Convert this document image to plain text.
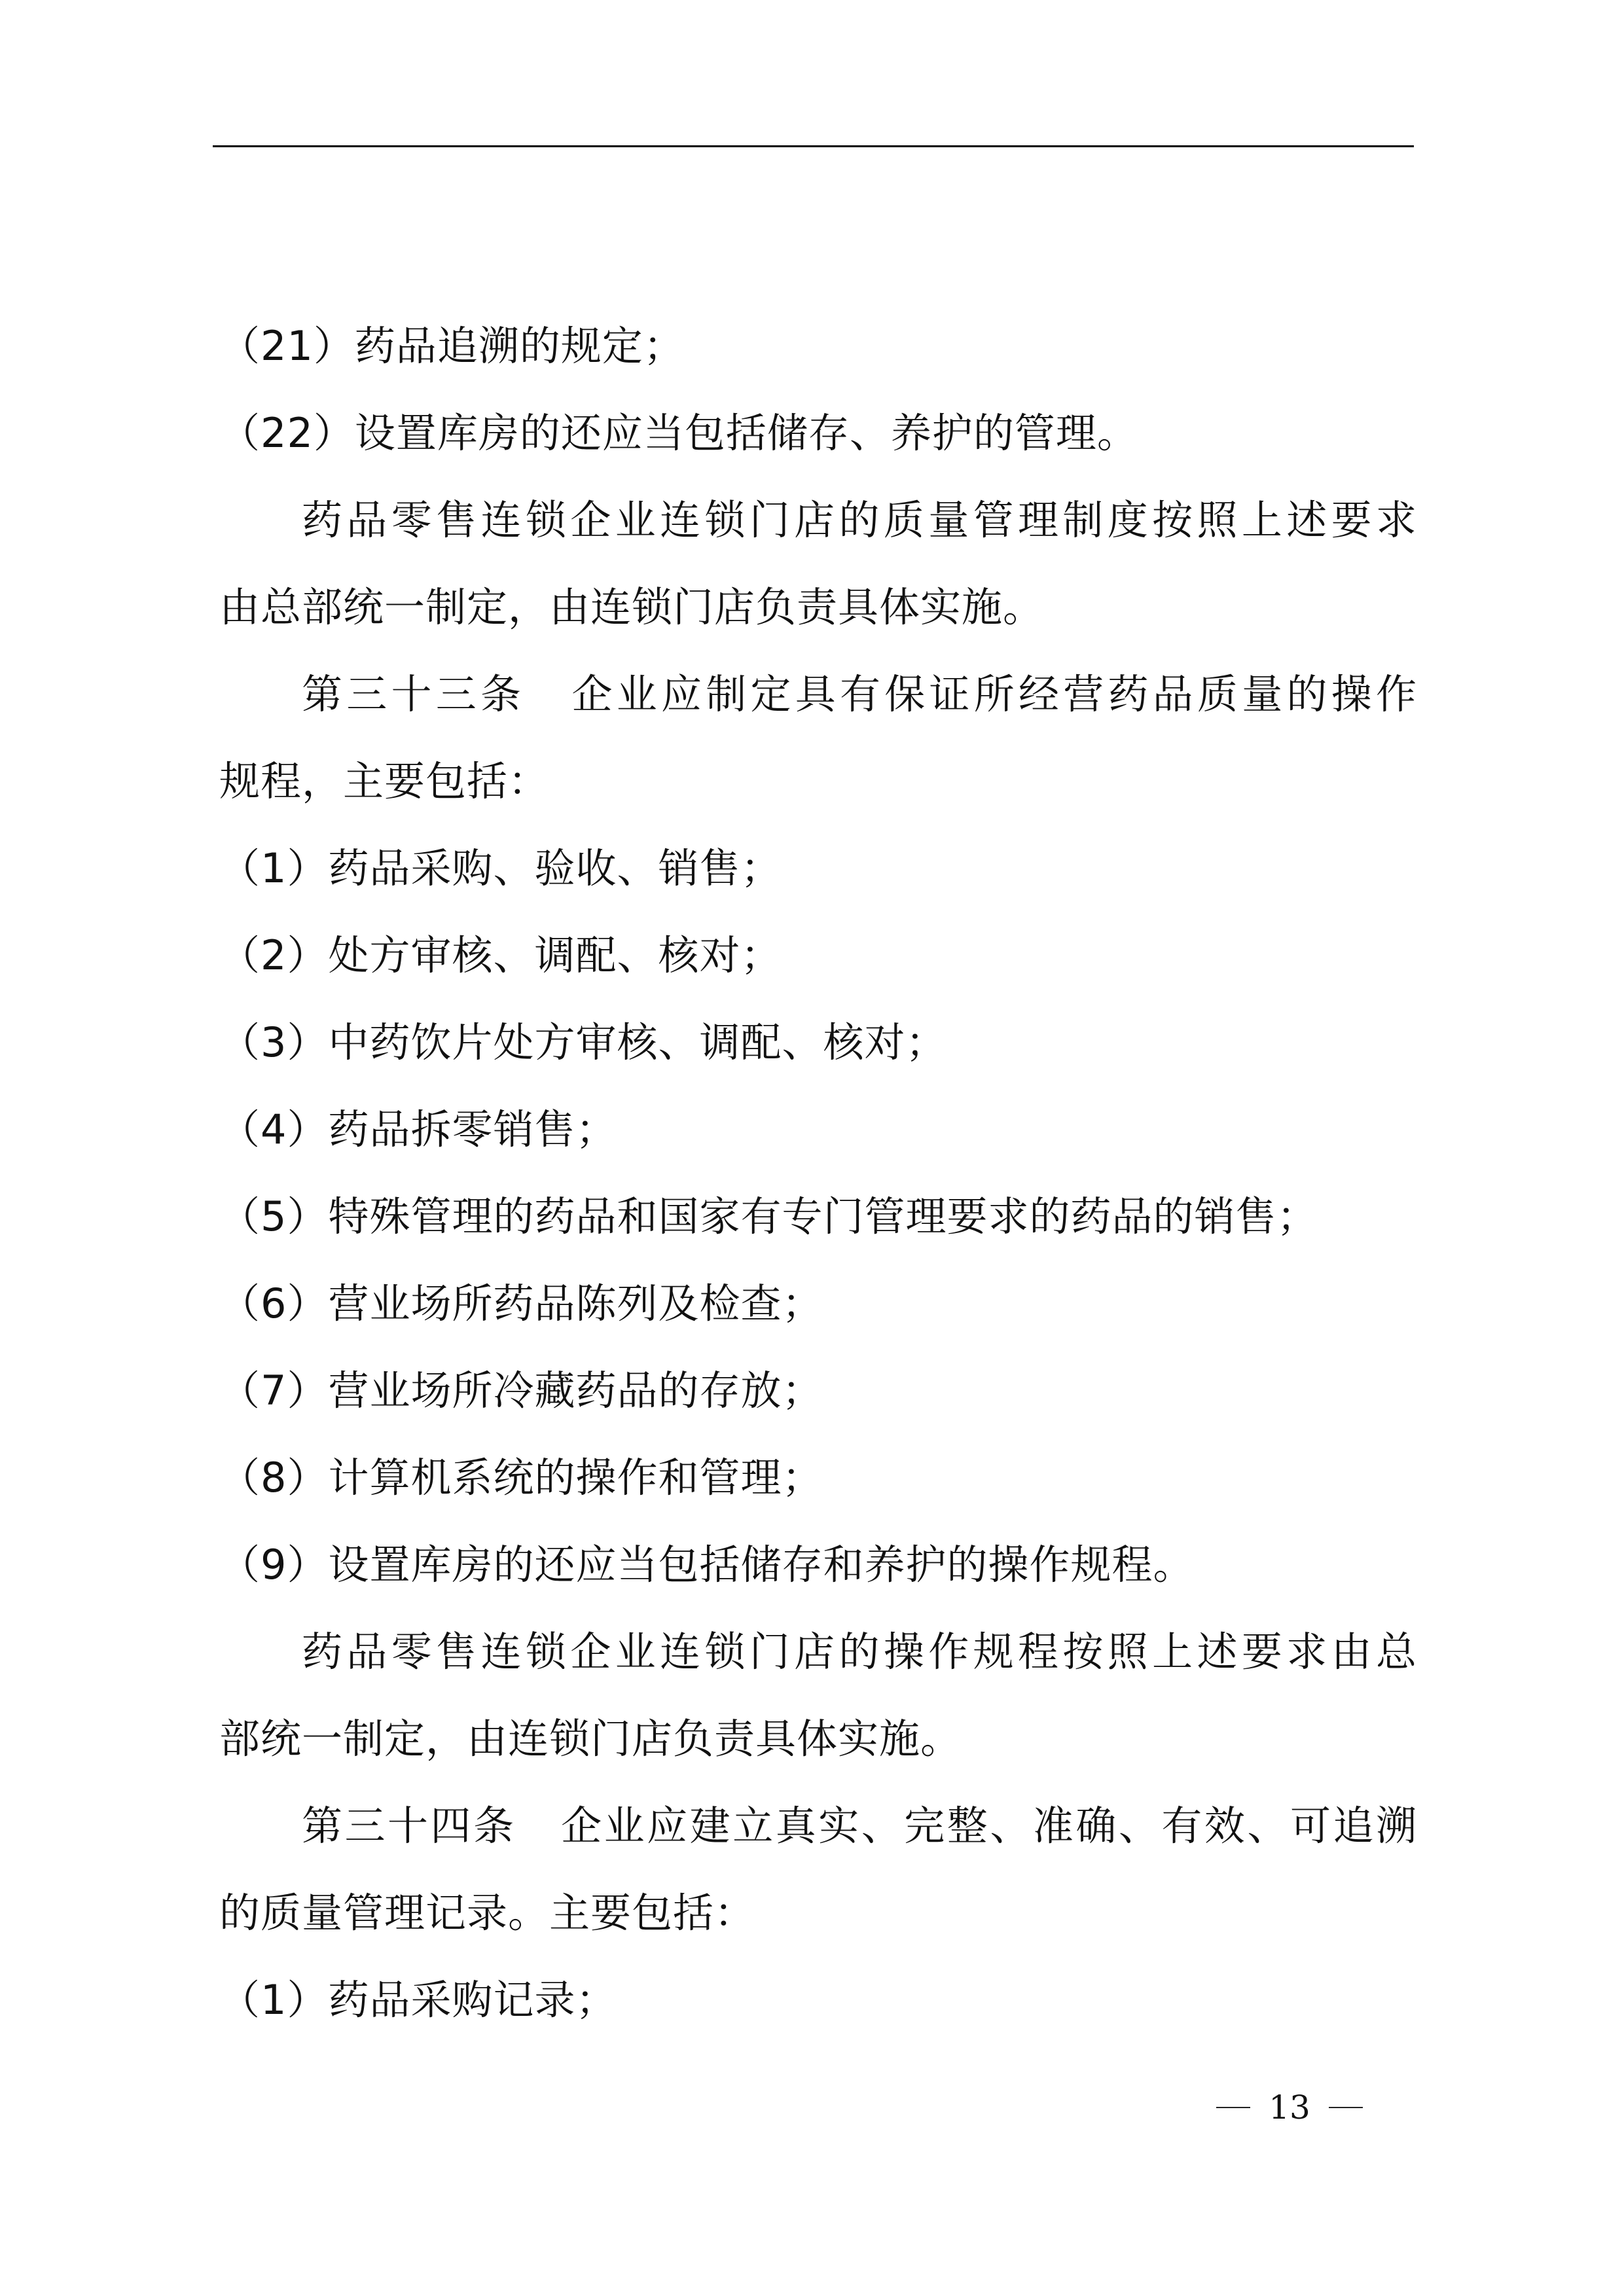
（21）药品追溯的规定；
（22）设置库房的还应当包括储存、养护的管理。
药品零售连锁企业连锁门店的质量管理制度按照上述要求
由总部统一制定，由连锁门店负责具体实施。
第三十三条 企业应制定具有保证所经营药品质量的操作
规程，主要包括：
（1）药品采购、验收、销售；
（2）处方审核、调配、核对；
（3）中药饮片处方审核、调配、核对；
（4）药品拆零销售；
（5）特殊管理的药品和国家有专门管理要求的药品的销售；
（6）营业场所药品陈列及检查；
（7）营业场所冷藏药品的存放；
（8）计算机系统的操作和管理；
（9）设置库房的还应当包括储存和养护的操作规程。
药品零售连锁企业连锁门店的操作规程按照上述要求由总
部统一制定，由连锁门店负责具体实施。
第三十四条 企业应建立真实、完整、准确、有效、可追溯
的质量管理记录。主要包括：
（1）药品采购记录；
13
